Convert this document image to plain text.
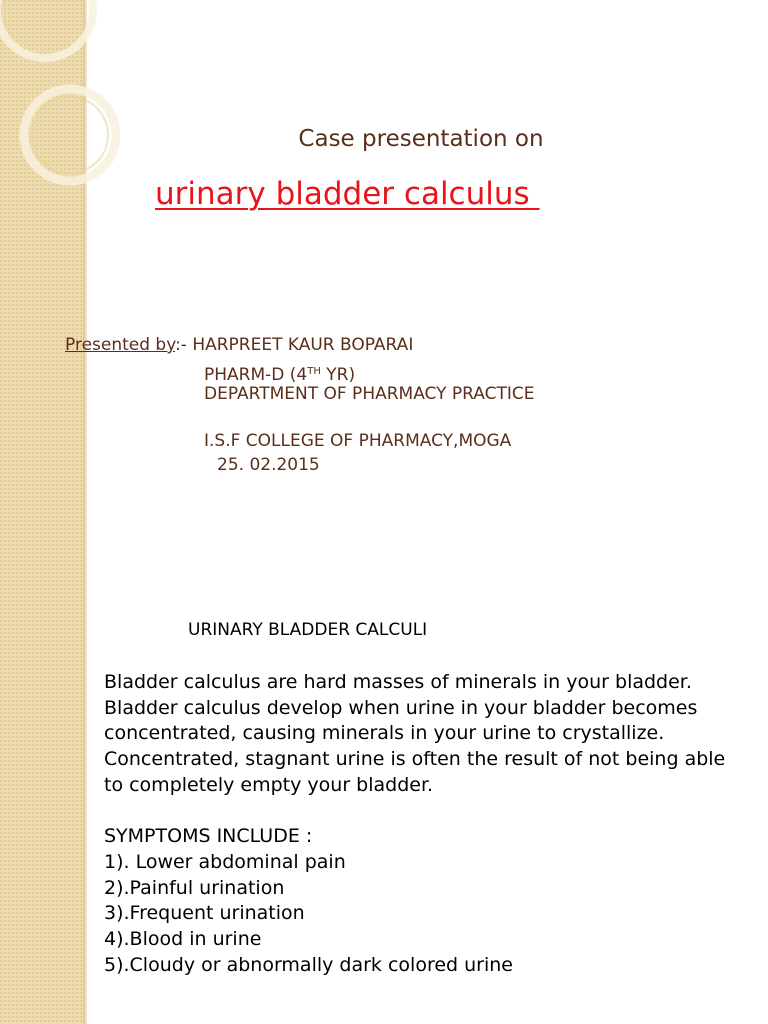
Case presentation on
urinary bladder calculus
Presented by:- HARPREET KAUR BOPARAI
PHARM-D (4TH YR)
DEPARTMENT OF PHARMACY PRACTICE
I.S.F COLLEGE OF PHARMACY,MOGA
25. 02.2015
URINARY BLADDER CALCULI

Bladder calculus are hard masses of minerals in your bladder. Bladder calculus develop when urine in your bladder becomes concentrated, causing minerals in your urine to crystallize. Concentrated, stagnant urine is often the result of not being able to completely empty your bladder.

SYMPTOMS INCLUDE :

1). Lower abdominal pain
2).Painful urination
3).Frequent urination
4).Blood in urine
5).Cloudy or abnormally dark colored urine
